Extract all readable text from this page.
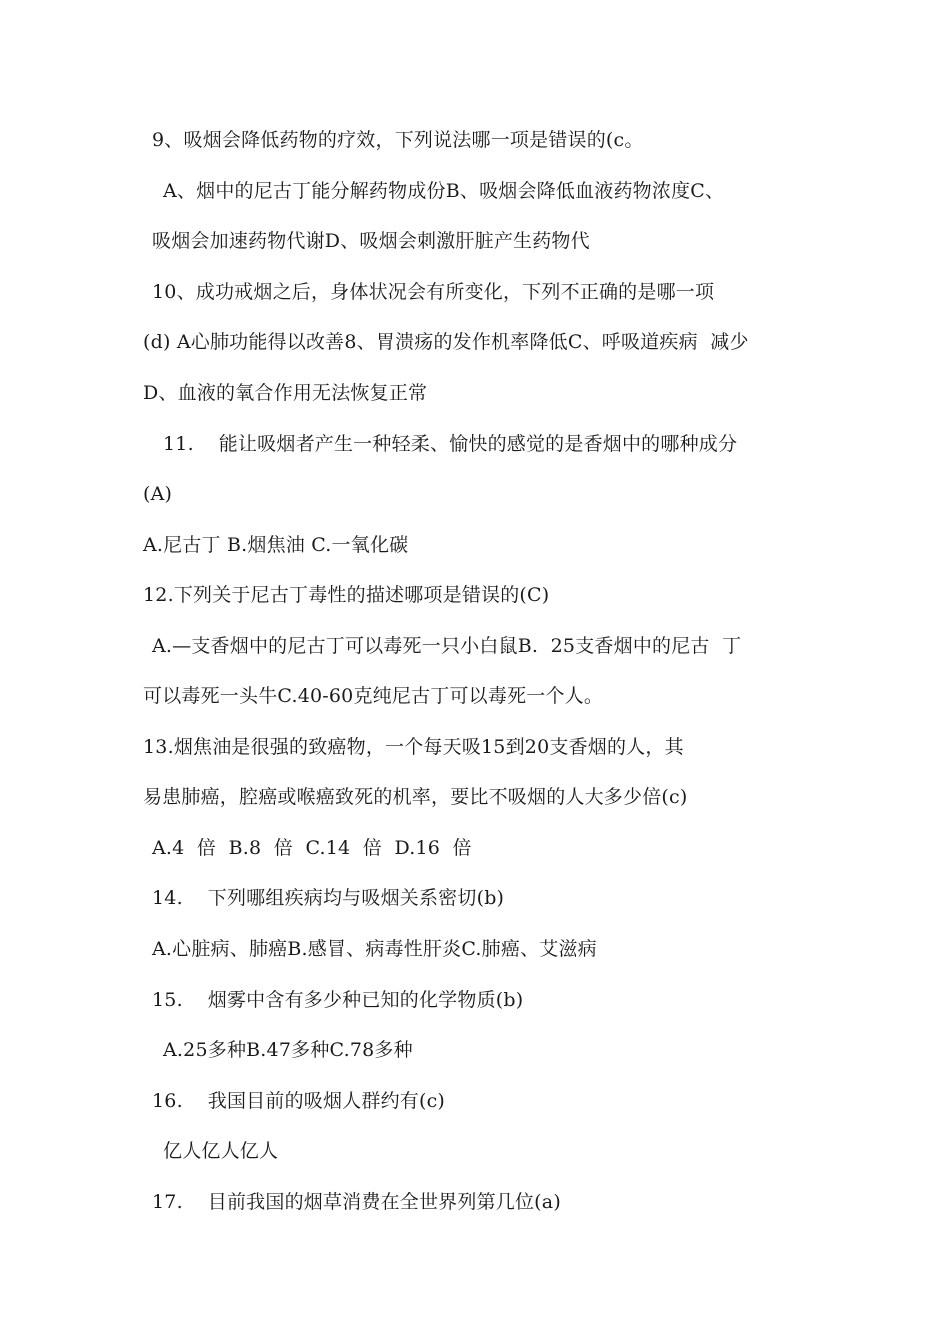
9、吸烟会降低药物的疗效，下列说法哪一项是错误的(c。
A、烟中的尼古丁能分解药物成份B、吸烟会降低血液药物浓度C、
吸烟会加速药物代谢D、吸烟会刺激肝脏产生药物代
10、成功戒烟之后，身体状况会有所变化，下列不正确的是哪一项
(d) A心肺功能得以改善8、胃溃疡的发作机率降低C、呼吸道疾病  减少
D、血液的氧合作用无法恢复正常
11.    能让吸烟者产生一种轻柔、愉快的感觉的是香烟中的哪种成分
(A)
A.尼古丁 B.烟焦油 C.一氧化碳
12.下列关于尼古丁毒性的描述哪项是错误的(C)
A.—支香烟中的尼古丁可以毒死一只小白鼠B.  25支香烟中的尼古  丁
可以毒死一头牛C.40-60克纯尼古丁可以毒死一个人。
13.烟焦油是很强的致癌物，一个每天吸15到20支香烟的人，其
易患肺癌，腔癌或喉癌致死的机率，要比不吸烟的人大多少倍(c)
A.4  倍  B.8  倍  C.14  倍  D.16  倍
14.    下列哪组疾病均与吸烟关系密切(b)
A.心脏病、肺癌B.感冒、病毒性肝炎C.肺癌、艾滋病
15.    烟雾中含有多少种已知的化学物质(b)
A.25多种B.47多种C.78多种
16.    我国目前的吸烟人群约有(c)
亿人亿人亿人
17.    目前我国的烟草消费在全世界列第几位(a)
